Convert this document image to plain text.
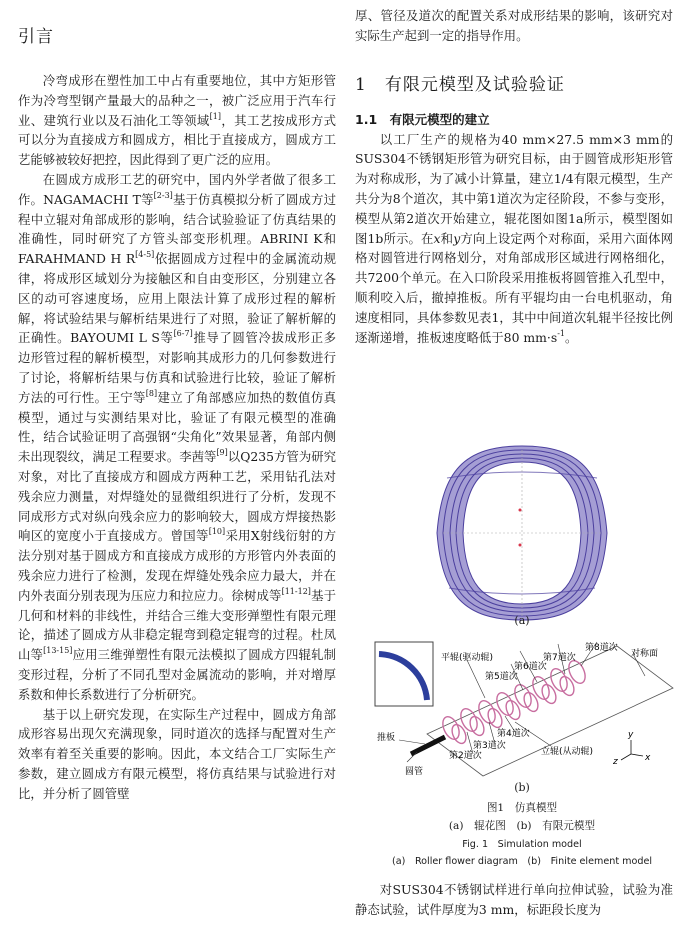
引言

冷弯成形在塑性加工中占有重要地位，其中方矩形管作为冷弯型钢产量最大的品种之一，被广泛应用于汽车行业、建筑行业以及石油化工等领域[1]，其工艺按成形方式可以分为直接成方和圆成方，相比于直接成方，圆成方工艺能够被较好把控，因此得到了更广泛的应用。

在圆成方成形工艺的研究中，国内外学者做了很多工作。NAGAMACHI T等[2-3]基于仿真模拟分析了圆成方过程中立辊对角部成形的影响，结合试验验证了仿真结果的准确性，同时研究了方管头部变形机理。ABRINI K和FARAHMAND H R[4-5]依据圆成方过程中的金属流动规律，将成形区域划分为接触区和自由变形区，分别建立各区的动可容速度场，应用上限法计算了成形过程的解析解，将试验结果与解析结果进行了对照，验证了解析解的正确性。BAYOUMI L S等[6-7]推导了圆管冷拔成形正多边形管过程的解析模型，对影响其成形力的几何参数进行了讨论，将解析结果与仿真和试验进行比较，验证了解析方法的可行性。王宁等[8]建立了角部感应加热的数值仿真模型，通过与实测结果对比，验证了有限元模型的准确性，结合试验证明了高强钢“尖角化”效果显著，角部内侧未出现裂纹，满足工程要求。李茜等[9]以Q235方管为研究对象，对比了直接成方和圆成方两种工艺，采用钻孔法对残余应力测量，对焊缝处的显微组织进行了分析，发现不同成形方式对纵向残余应力的影响较大，圆成方焊接热影响区的宽度小于直接成方。曾国等[10]采用X射线衍射的方法分别对基于圆成方和直接成方成形的方形管内外表面的残余应力进行了检测，发现在焊缝处残余应力最大，并在内外表面分别表现为压应力和拉应力。徐树成等[11-12]基于几何和材料的非线性，并结合三维大变形弹塑性有限元理论，描述了圆成方从非稳定辊弯到稳定辊弯的过程。杜凤山等[13-15]应用三维弹塑性有限元法模拟了圆成方四辊轧制变形过程，分析了不同孔型对金属流动的影响，并对增厚系数和伸长系数进行了分析研究。

基于以上研究发现，在实际生产过程中，圆成方角部成形容易出现欠充满现象，同时道次的选择与配置对生产效率有着至关重要的影响。因此，本文结合工厂实际生产参数，建立圆成方有限元模型，将仿真结果与试验进行对比，并分析了圆管壁

厚、管径及道次的配置关系对成形结果的影响，该研究对实际生产起到一定的指导作用。

1　有限元模型及试验验证

1.1　有限元模型的建立

以工厂生产的规格为40 mm×27.5 mm×3 mm的SUS304不锈钢矩形管为研究目标，由于圆管成形矩形管为对称成形，为了减小计算量，建立1/4有限元模型，生产共分为8个道次，其中第1道次为定径阶段，不参与变形，模型从第2道次开始建立，辊花图如图1a所示，模型图如图1b所示。在x和y方向上设定两个对称面，采用六面体网格对圆管进行网格划分，对角部成形区域进行网格细化，共7200个单元。在入口阶段采用推板将圆管推入孔型中，顺利咬入后，撤掉推板。所有平辊均由一台电机驱动，角速度相同，具体参数见表1，其中中间道次轧辊半径按比例逐渐递增，推板速度略低于80 $mm\cdot s^{-1}$。

(a)
平辊(驱动辊)
第8道次
第7道次
第6道次
第5道次
对称面
第4道次
第3道次
第2道次	立辊(从动辊)
推板
圆管
y
x
z
(b)
图1　仿真模型
(a)　辊花图　(b)　有限元模型
Fig. 1　Simulation model
(a)　Roller flower diagram　(b)　Finite element model

对SUS304不锈钢试样进行单向拉伸试验，试验为准静态试验，试件厚度为3 mm，标距段长度为
